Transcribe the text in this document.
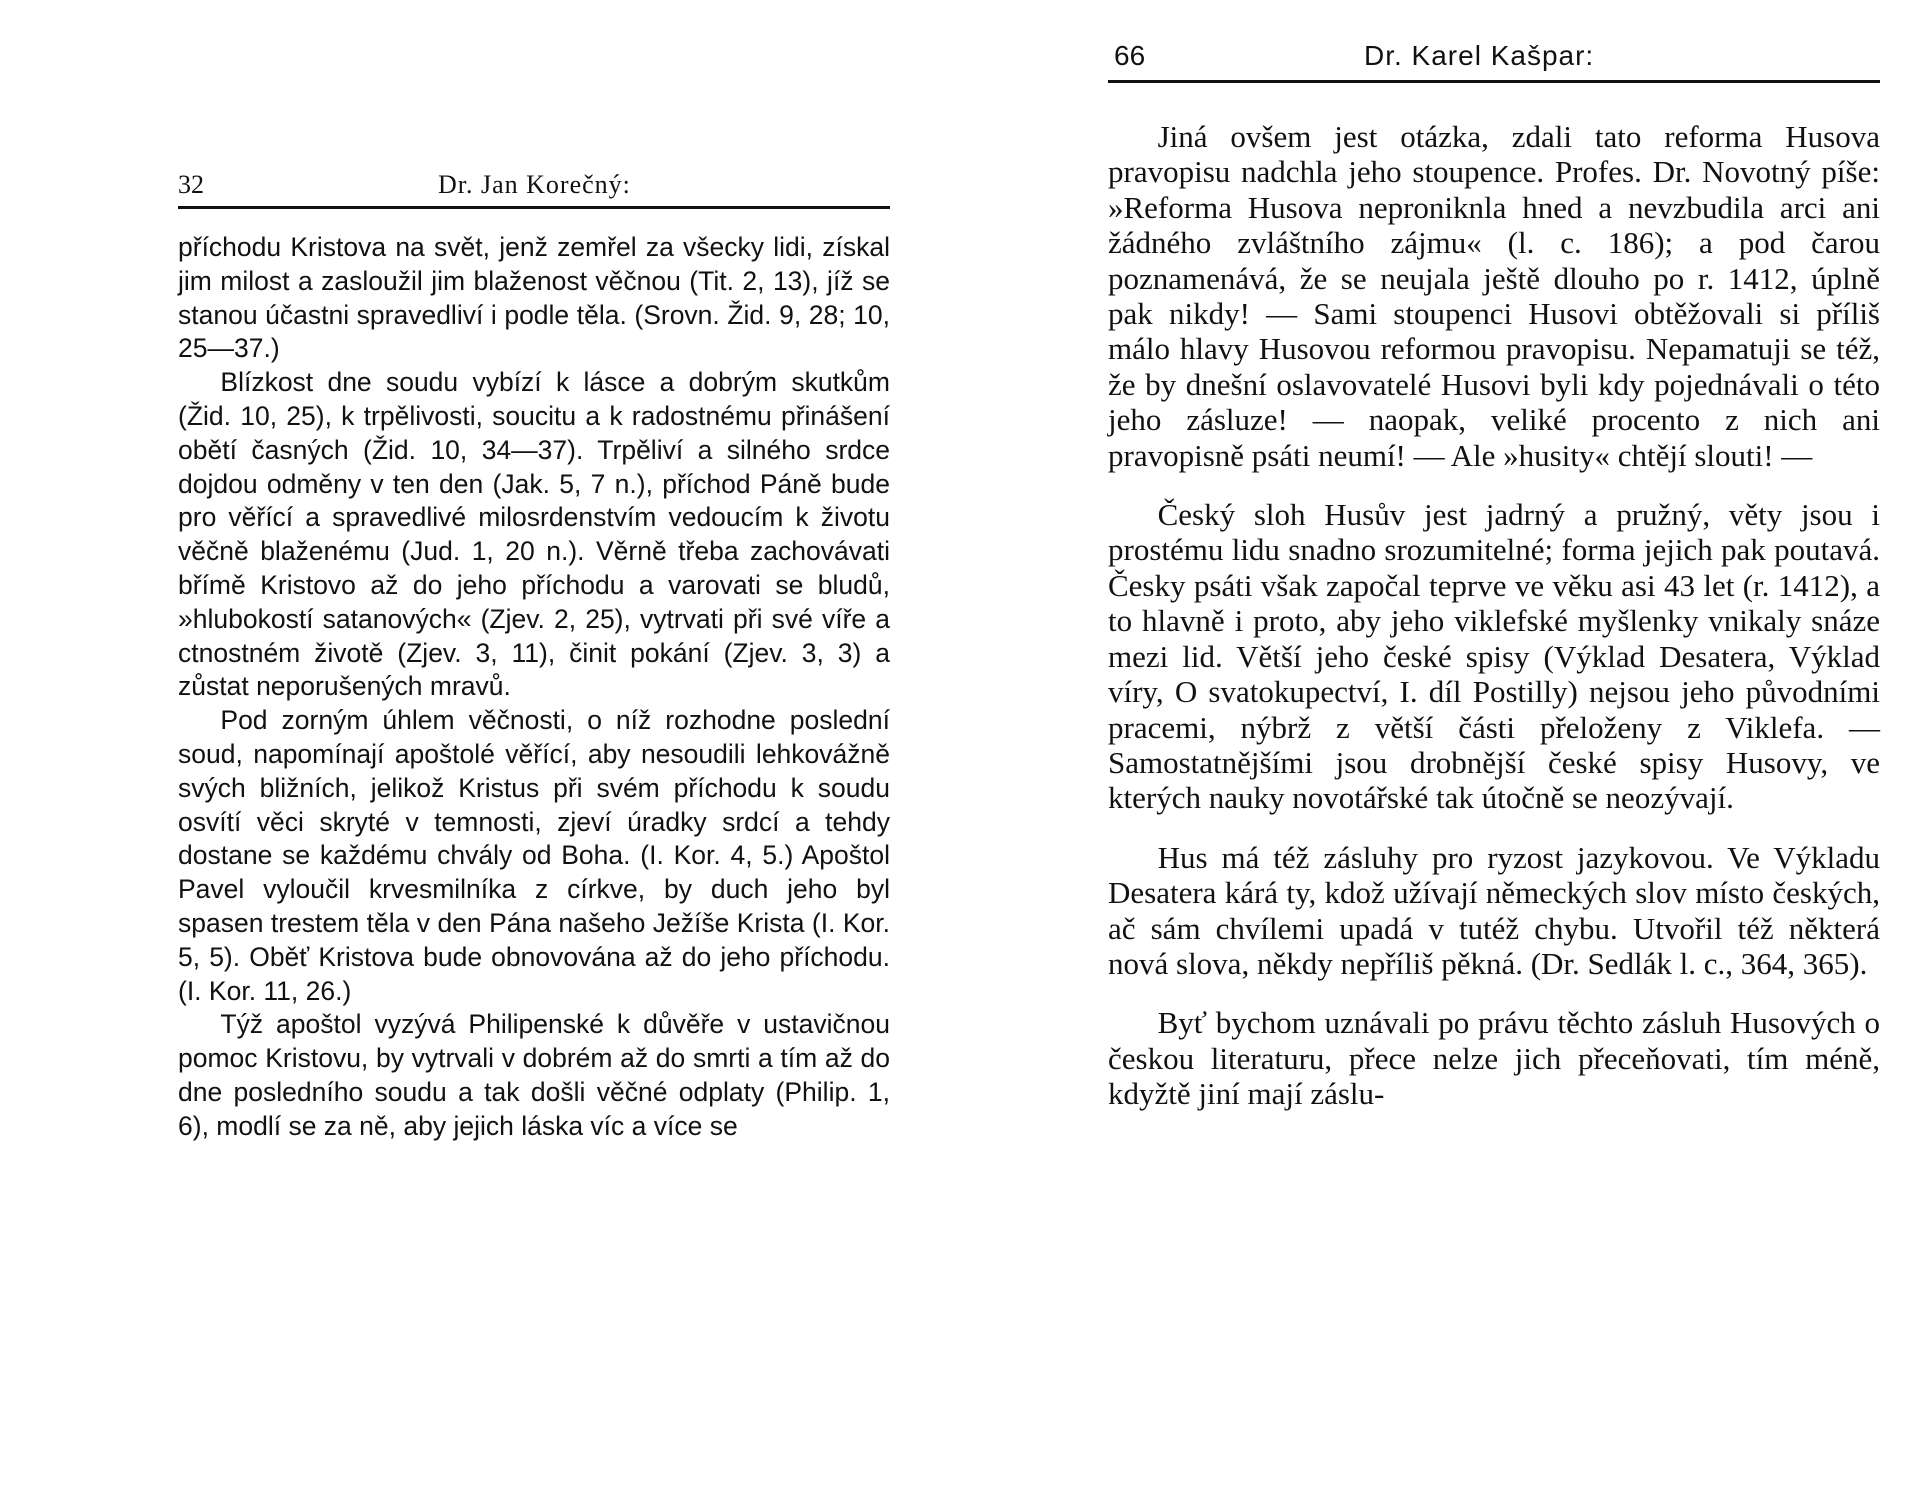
32	Dr. Jan Korečný:

příchodu Kristova na svět, jenž zemřel za všecky lidi, získal jim milost a zasloužil jim blaženost věčnou (Tit. 2, 13), jíž se stanou účastni spravedliví i podle těla. (Srovn. Žid. 9, 28; 10, 25—37.)

Blízkost dne soudu vybízí k lásce a dobrým skutkům (Žid. 10, 25), k trpělivosti, soucitu a k radostnému přinášení obětí časných (Žid. 10, 34—37). Trpěliví a silného srdce dojdou odměny v ten den (Jak. 5, 7 n.), příchod Páně bude pro věřící a spravedlivé milosrdenstvím vedoucím k životu věčně blaženému (Jud. 1, 20 n.). Věrně třeba zachovávati břímě Kristovo až do jeho příchodu a varovati se bludů, »hlubokostí satanových« (Zjev. 2, 25), vytrvati při své víře a ctnostném životě (Zjev. 3, 11), činit pokání (Zjev. 3, 3) a zůstat neporušených mravů.

Pod zorným úhlem věčnosti, o níž rozhodne poslední soud, napomínají apoštolé věřící, aby nesoudili lehkovážně svých bližních, jelikož Kristus při svém příchodu k soudu osvítí věci skryté v temnosti, zjeví úradky srdcí a tehdy dostane se každému chvály od Boha. (I. Kor. 4, 5.) Apoštol Pavel vyloučil krvesmilníka z církve, by duch jeho byl spasen trestem těla v den Pána našeho Ježíše Krista (I. Kor. 5, 5). Oběť Kristova bude obnovována až do jeho příchodu. (I. Kor. 11, 26.)

Týž apoštol vyzývá Philipenské k důvěře v ustavičnou pomoc Kristovu, by vytrvali v dobrém až do smrti a tím až do dne posledního soudu a tak došli věčné odplaty (Philip. 1, 6), modlí se za ně, aby jejich láska víc a více se

66	Dr. Karel Kašpar:

Jiná ovšem jest otázka, zdali tato reforma Husova pravopisu nadchla jeho stoupence. Profes. Dr. Novotný píše: »Reforma Husova neproniknla hned a nevzbudila arci ani žádného zvláštního zájmu« (l. c. 186); a pod čarou poznamenává, že se neujala ještě dlouho po r. 1412, úplně pak nikdy! — Sami stoupenci Husovi obtěžovali si příliš málo hlavy Husovou reformou pravopisu. Nepamatuji se též, že by dnešní oslavovatelé Husovi byli kdy pojednávali o této jeho zásluze! — naopak, veliké procento z nich ani pravopisně psáti neumí! — Ale »husity« chtějí slouti! —

Český sloh Husův jest jadrný a pružný, věty jsou i prostému lidu snadno srozumitelné; forma jejich pak poutavá. Česky psáti však započal teprve ve věku asi 43 let (r. 1412), a to hlavně i proto, aby jeho viklefské myšlenky vnikaly snáze mezi lid. Větší jeho české spisy (Výklad Desatera, Výklad víry, O svatokupectví, I. díl Postilly) nejsou jeho původními pracemi, nýbrž z větší části přeloženy z Viklefa. — Samostatnějšími jsou drobnější české spisy Husovy, ve kterých nauky novotářské tak útočně se neozývají.

Hus má též zásluhy pro ryzost jazykovou. Ve Výkladu Desatera kárá ty, kdož užívají německých slov místo českých, ač sám chvílemi upadá v tutéž chybu. Utvořil též některá nová slova, někdy nepříliš pěkná. (Dr. Sedlák l. c., 364, 365).

Byť bychom uznávali po právu těchto zásluh Husových o českou literaturu, přece nelze jich přeceňovati, tím méně, kdyžtě jiní mají záslu-
